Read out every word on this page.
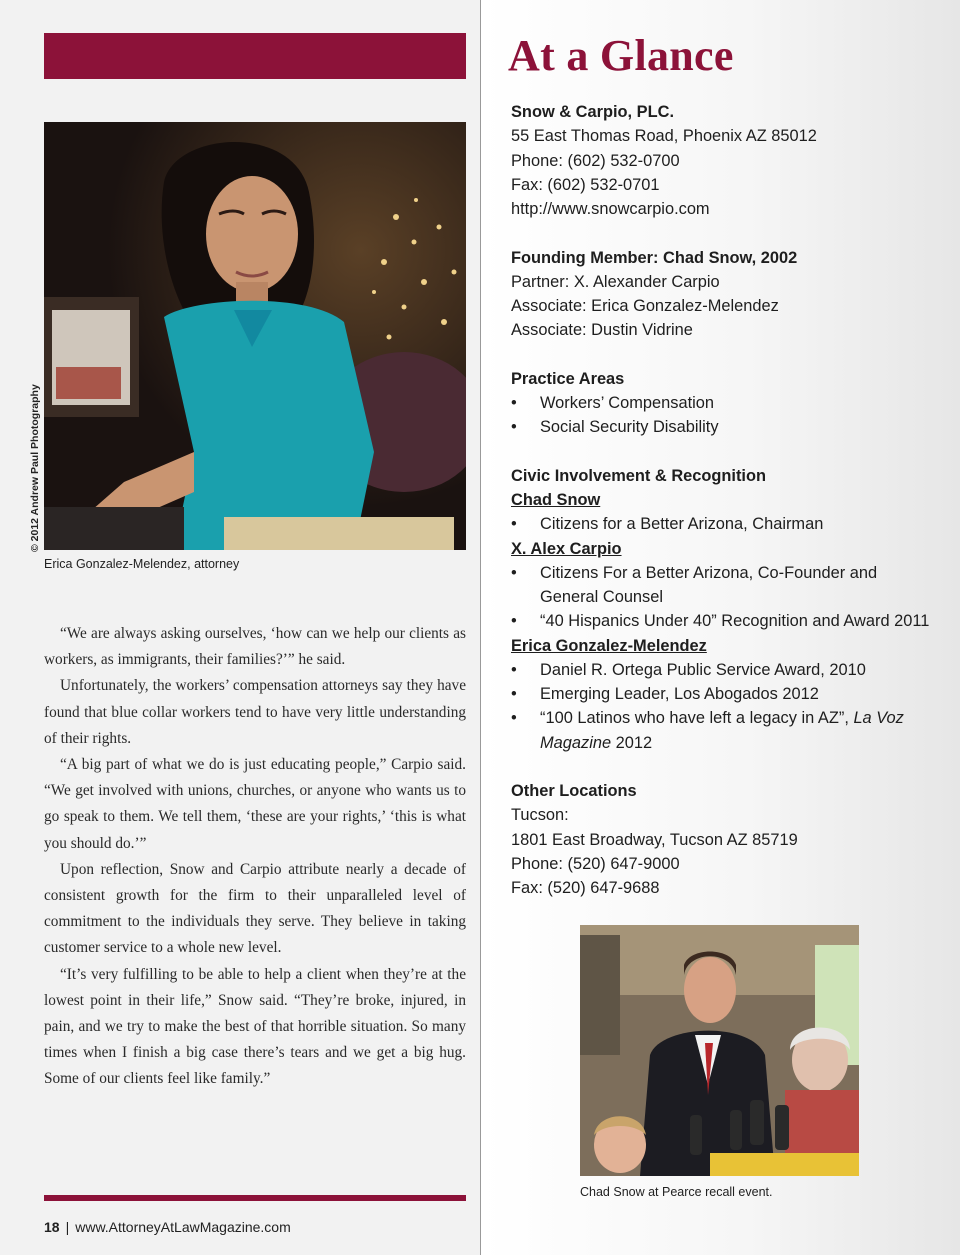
© 2012 Andrew Paul Photography
Erica Gonzalez-Melendez, attorney

“We are always asking ourselves, ‘how can we help our clients as workers, as immigrants, their families?’” he said.

Unfortunately, the workers’ compensation attorneys say they have found that blue collar workers tend to have very little understanding of their rights.

“A big part of what we do is just educating people,” Carpio said. “We get involved with unions, churches, or anyone who wants us to go speak to them. We tell them, ‘these are your rights,’ ‘this is what you should do.’”

Upon reflection, Snow and Carpio attribute nearly a decade of consistent growth for the firm to their unparalleled level of commitment to the individuals they serve. They believe in taking customer service to a whole new level.

“It’s very fulfilling to be able to help a client when they’re at the lowest point in their life,” Snow said. “They’re broke, injured, in pain, and we try to make the best of that horrible situation. So many times when I finish a big case there’s tears and we get a big hug. Some of our clients feel like family.”

At a Glance
Snow & Carpio, PLC.
55 East Thomas Road, Phoenix AZ 85012
Phone: (602) 532-0700
Fax: (602) 532-0701
http://www.snowcarpio.com
Founding Member: Chad Snow, 2002
Partner: X. Alexander Carpio
Associate: Erica Gonzalez-Melendez
Associate: Dustin Vidrine
Practice Areas
• Workers’ Compensation
• Social Security Disability
Civic Involvement & Recognition
Chad Snow
• Citizens for a Better Arizona, Chairman
X. Alex Carpio
• Citizens For a Better Arizona, Co-Founder and
General Counsel
• “40 Hispanics Under 40” Recognition and Award 2011
Erica Gonzalez-Melendez
• Daniel R. Ortega Public Service Award, 2010
• Emerging Leader, Los Abogados 2012
• “100 Latinos who have left a legacy in AZ”, La Voz
Magazine 2012
Other Locations
Tucson:
1801 East Broadway, Tucson AZ 85719
Phone: (520) 647-9000
Fax: (520) 647-9688
Chad Snow at Pearce recall event.
18 | www.AttorneyAtLawMagazine.com
